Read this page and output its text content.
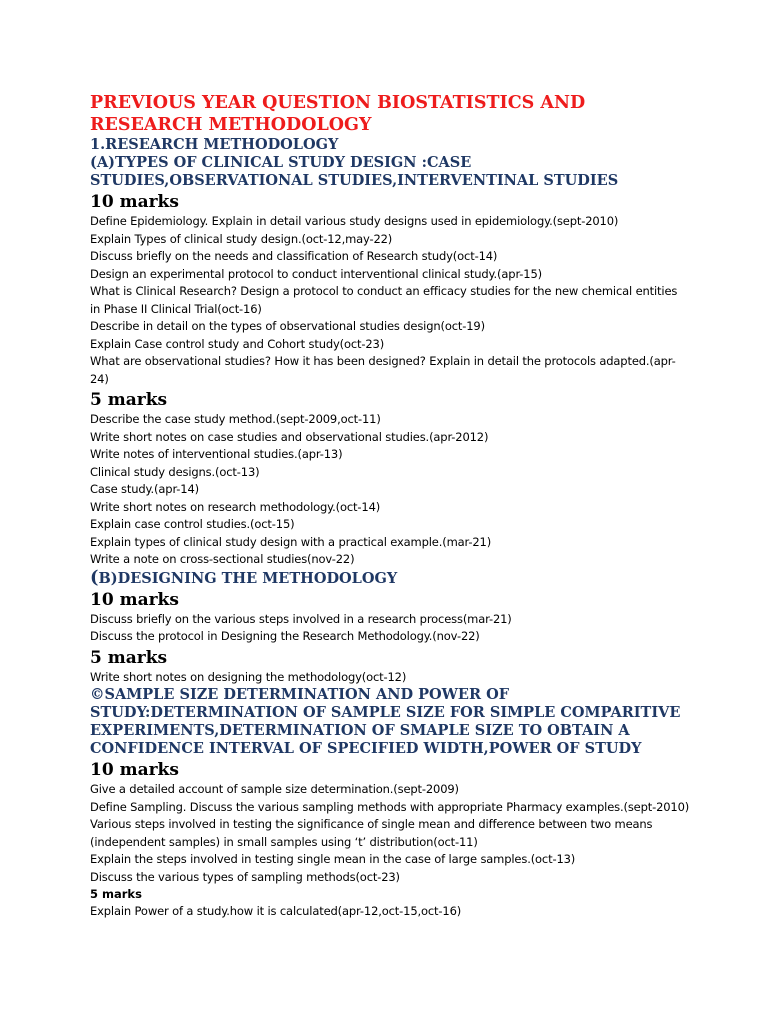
PREVIOUS YEAR QUESTION BIOSTATISTICS AND RESEARCH METHODOLOGY
1.RESEARCH METHODOLOGY
(A)TYPES OF CLINICAL STUDY DESIGN :CASE STUDIES,OBSERVATIONAL STUDIES,INTERVENTINAL STUDIES
10 marks

Define Epidemiology. Explain in detail various study designs used in epidemiology.(sept-2010)

Explain Types of clinical study design.(oct-12,may-22)

Discuss briefly on the needs and classification of Research study(oct-14)

Design an experimental protocol to conduct interventional clinical study.(apr-15)

What is Clinical Research? Design a protocol to conduct an efficacy studies for the new chemical entities in Phase II Clinical Trial(oct-16)

Describe in detail on the types of observational studies design(oct-19)

Explain Case control study and Cohort study(oct-23)

What are observational studies? How it has been designed? Explain in detail the protocols adapted.(apr-24)

5 marks

Describe the case study method.(sept-2009,oct-11)

Write short notes on case studies and observational studies.(apr-2012)

Write notes of interventional studies.(apr-13)

Clinical study designs.(oct-13)

Case study.(apr-14)

Write short notes on research methodology.(oct-14)

Explain case control studies.(oct-15)

Explain types of clinical study design with a practical example.(mar-21)

Write a note on cross-sectional studies(nov-22)

(B)DESIGNING THE METHODOLOGY
10 marks

Discuss briefly on the various steps involved in a research process(mar-21)

Discuss the protocol in Designing the Research Methodology.(nov-22)

5 marks

Write short notes on designing the methodology(oct-12)

©SAMPLE SIZE DETERMINATION AND POWER OF STUDY:DETERMINATION OF SAMPLE SIZE FOR SIMPLE COMPARITIVE EXPERIMENTS,DETERMINATION OF SMAPLE SIZE TO OBTAIN A CONFIDENCE INTERVAL OF SPECIFIED WIDTH,POWER OF STUDY
10 marks

Give a detailed account of sample size determination.(sept-2009)

Define Sampling. Discuss the various sampling methods with appropriate Pharmacy examples.(sept-2010)

Various steps involved in testing the significance of single mean and difference between two means (independent samples) in small samples using ‘t’ distribution(oct-11)

Explain the steps involved in testing single mean in the case of large samples.(oct-13)

Discuss the various types of sampling methods(oct-23)

5 marks

Explain Power of a study.how it is calculated(apr-12,oct-15,oct-16)
